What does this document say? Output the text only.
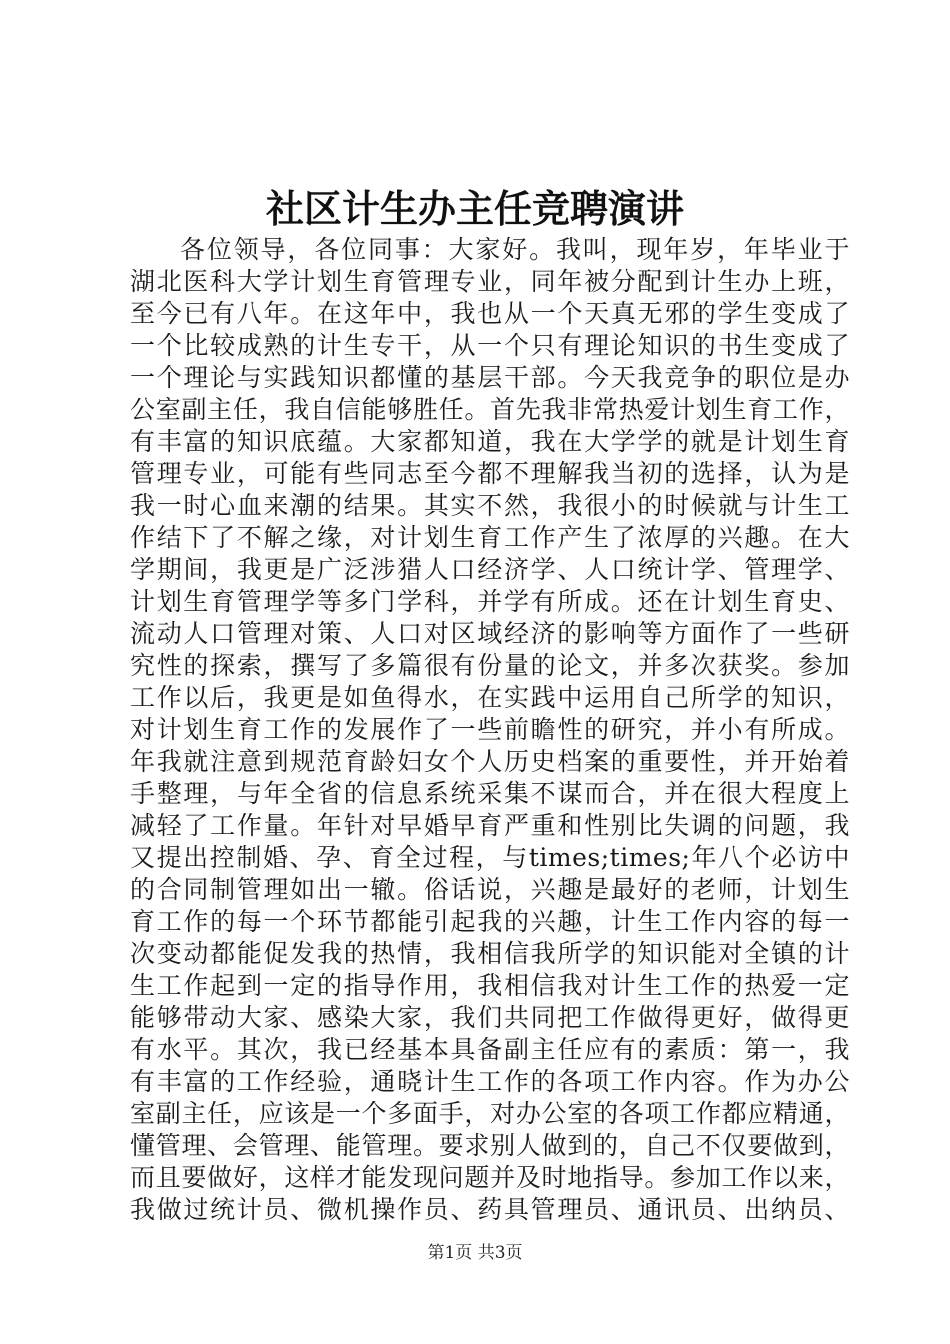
社区计生办主任竞聘演讲
各位领导，各位同事：大家好。我叫，现年岁，年毕业于
湖北医科大学计划生育管理专业，同年被分配到计生办上班，
至今已有八年。在这年中，我也从一个天真无邪的学生变成了
一个比较成熟的计生专干，从一个只有理论知识的书生变成了
一个理论与实践知识都懂的基层干部。今天我竞争的职位是办
公室副主任，我自信能够胜任。首先我非常热爱计划生育工作，
有丰富的知识底蕴。大家都知道，我在大学学的就是计划生育
管理专业，可能有些同志至今都不理解我当初的选择，认为是
我一时心血来潮的结果。其实不然，我很小的时候就与计生工
作结下了不解之缘，对计划生育工作产生了浓厚的兴趣。在大
学期间，我更是广泛涉猎人口经济学、人口统计学、管理学、
计划生育管理学等多门学科，并学有所成。还在计划生育史、
流动人口管理对策、人口对区域经济的影响等方面作了一些研
究性的探索，撰写了多篇很有份量的论文，并多次获奖。参加
工作以后，我更是如鱼得水，在实践中运用自己所学的知识，
对计划生育工作的发展作了一些前瞻性的研究，并小有所成。
年我就注意到规范育龄妇女个人历史档案的重要性，并开始着
手整理，与年全省的信息系统采集不谋而合，并在很大程度上
减轻了工作量。年针对早婚早育严重和性别比失调的问题，我
又提出控制婚、孕、育全过程，与times;times;年八个必访中
的合同制管理如出一辙。俗话说，兴趣是最好的老师，计划生
育工作的每一个环节都能引起我的兴趣，计生工作内容的每一
次变动都能促发我的热情，我相信我所学的知识能对全镇的计
生工作起到一定的指导作用，我相信我对计生工作的热爱一定
能够带动大家、感染大家，我们共同把工作做得更好，做得更
有水平。其次，我已经基本具备副主任应有的素质：第一，我
有丰富的工作经验，通晓计生工作的各项工作内容。作为办公
室副主任，应该是一个多面手，对办公室的各项工作都应精通，
懂管理、会管理、能管理。要求别人做到的，自己不仅要做到，
而且要做好，这样才能发现问题并及时地指导。参加工作以来，
我做过统计员、微机操作员、药具管理员、通讯员、出纳员、
第1页 共3页
